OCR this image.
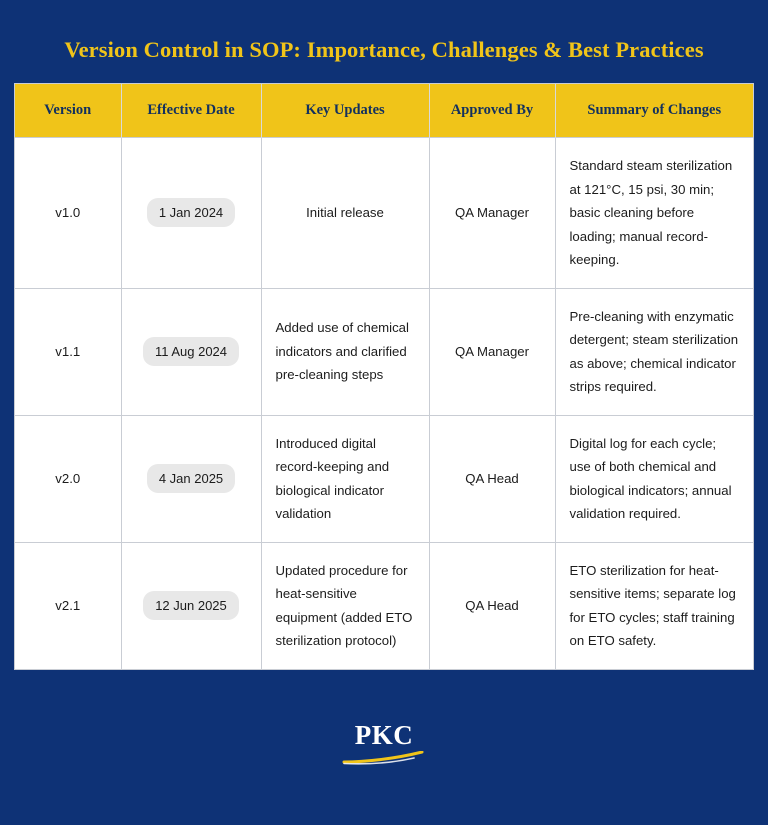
Version Control in SOP: Importance, Challenges & Best Practices
Version	Effective Date	Key Updates	Approved By	Summary of Changes
v1.0	1 Jan 2024	Initial release	QA Manager	Standard steam sterilization at 121°C, 15 psi, 30 min; basic cleaning before loading; manual record-keeping.
v1.1	11 Aug 2024	Added use of chemical indicators and clarified pre-cleaning steps	QA Manager	Pre-cleaning with enzymatic detergent; steam sterilization as above; chemical indicator strips required.
v2.0	4 Jan 2025	Introduced digital record-keeping and biological indicator validation	QA Head	Digital log for each cycle; use of both chemical and biological indicators; annual validation required.
v2.1	12 Jun 2025	Updated procedure for heat-sensitive equipment (added ETO sterilization protocol)	QA Head	ETO sterilization for heat-sensitive items; separate log for ETO cycles; staff training on ETO safety.
PKC
